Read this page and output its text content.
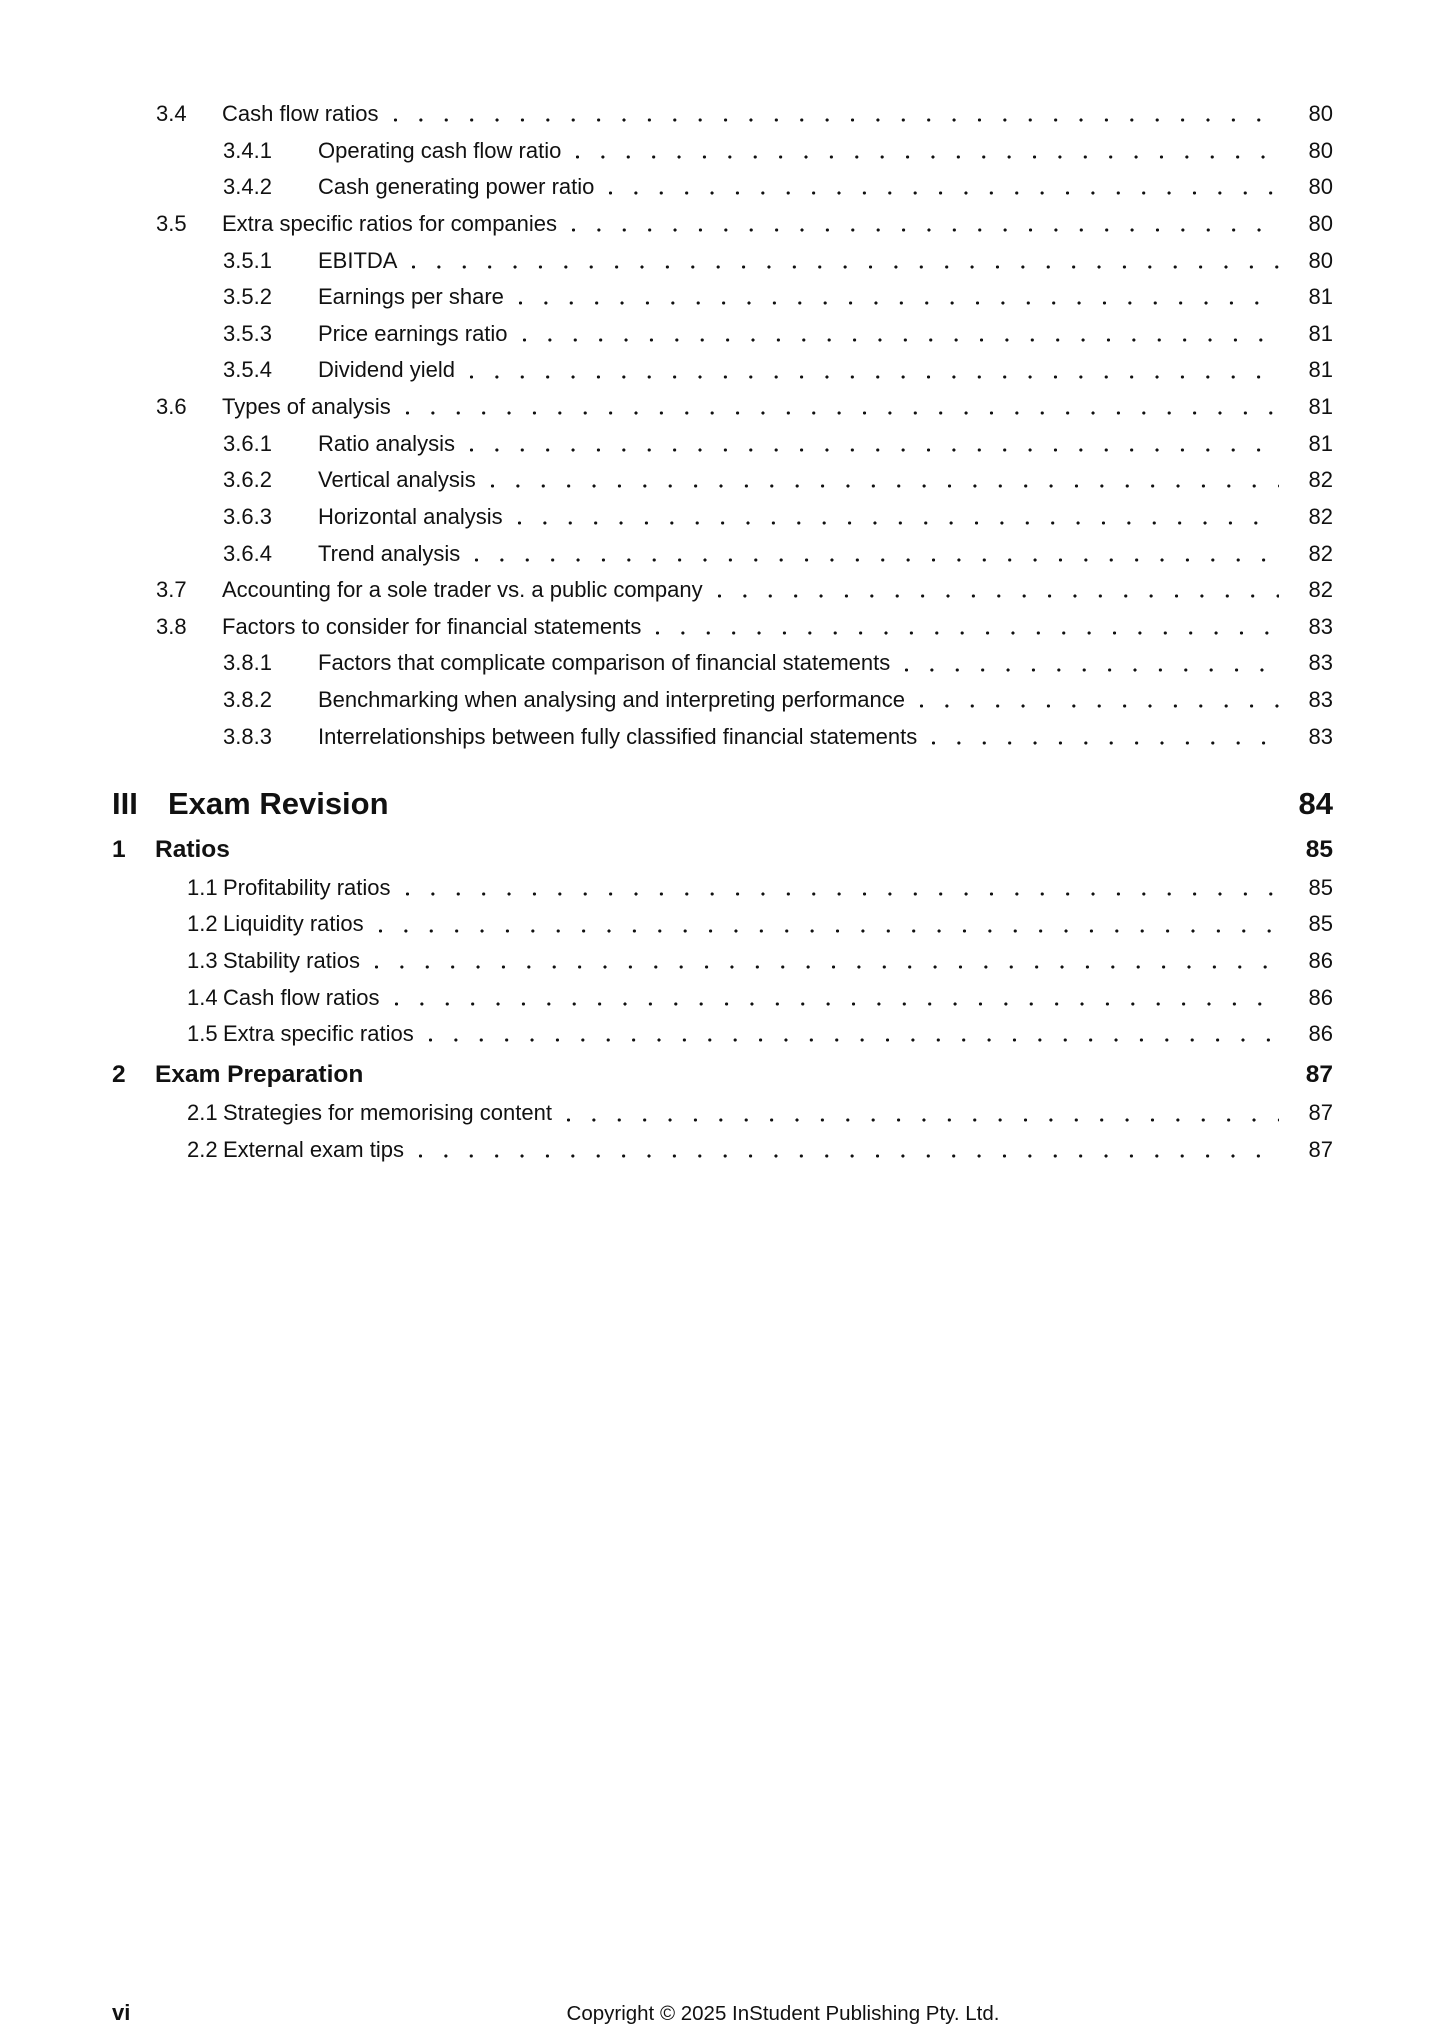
3.4	Cash flow ratios	80
3.4.1	Operating cash flow ratio	80
3.4.2	Cash generating power ratio	80
3.5	Extra specific ratios for companies	80
3.5.1	EBITDA	80
3.5.2	Earnings per share	81
3.5.3	Price earnings ratio	81
3.5.4	Dividend yield	81
3.6	Types of analysis	81
3.6.1	Ratio analysis	81
3.6.2	Vertical analysis	82
3.6.3	Horizontal analysis	82
3.6.4	Trend analysis	82
3.7	Accounting for a sole trader vs. a public company	82
3.8	Factors to consider for financial statements	83
3.8.1	Factors that complicate comparison of financial statements	83
3.8.2	Benchmarking when analysing and interpreting performance	83
3.8.3	Interrelationships between fully classified financial statements	83
III Exam Revision	84
1	Ratios	85
1.1 Profitability ratios	85
1.2 Liquidity ratios	85
1.3 Stability ratios	86
1.4 Cash flow ratios	86
1.5 Extra specific ratios	86
2	Exam Preparation	87
2.1 Strategies for memorising content	87
2.2 External exam tips	87
vi	Copyright © 2025 InStudent Publishing Pty. Ltd.
